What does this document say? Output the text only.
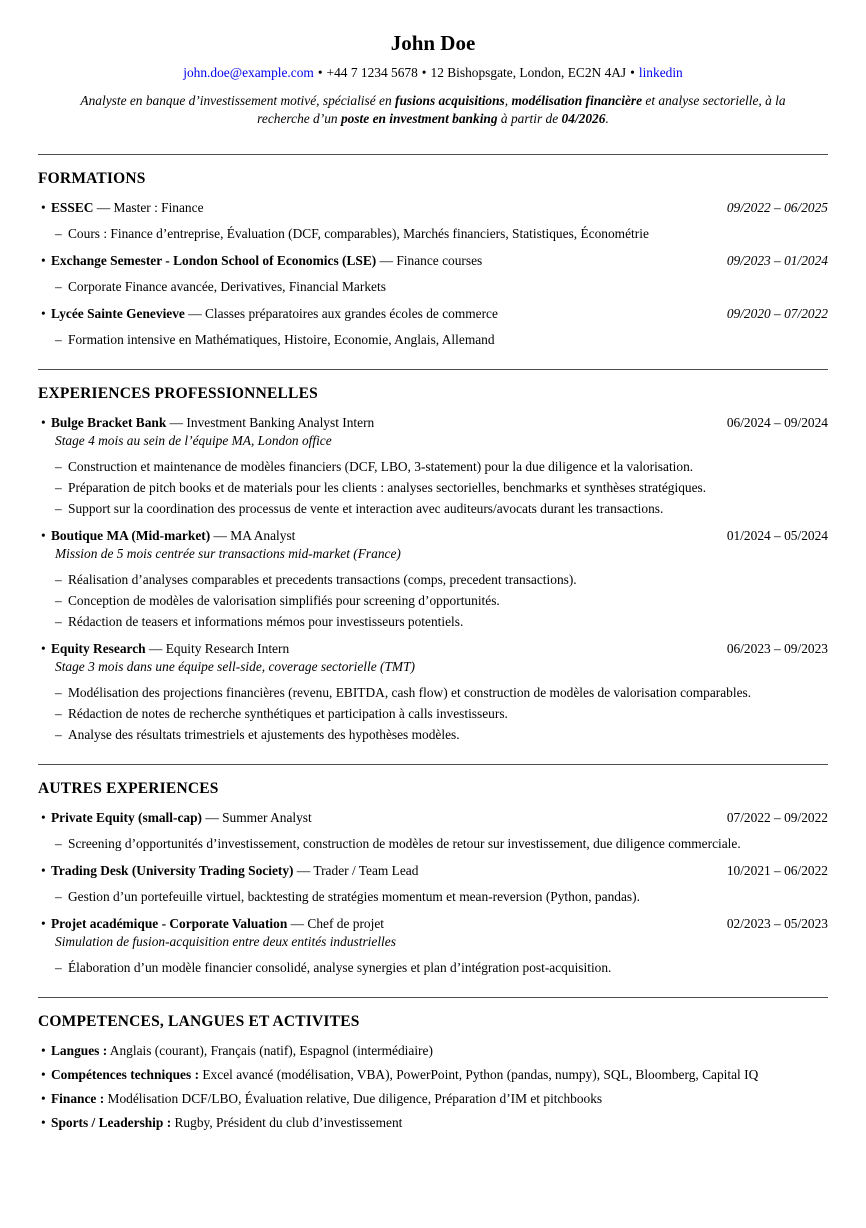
John Doe
john.doe@example.com • +44 7 1234 5678 • 12 Bishopsgate, London, EC2N 4AJ • linkedin
Analyste en banque d’investissement motivé, spécialisé en fusions acquisitions, modélisation financière et analyse sectorielle, à la
recherche d’un poste en investment banking à partir de 04/2026.
FORMATIONS
• ESSEC — Master : Finance	09/2022 – 06/2025
– Cours : Finance d’entreprise, Évaluation (DCF, comparables), Marchés financiers, Statistiques, Économétrie
• Exchange Semester - London School of Economics (LSE) — Finance courses	09/2023 – 01/2024
– Corporate Finance avancée, Derivatives, Financial Markets
• Lycée Sainte Genevieve — Classes préparatoires aux grandes écoles de commerce	09/2020 – 07/2022
– Formation intensive en Mathématiques, Histoire, Economie, Anglais, Allemand
EXPERIENCES PROFESSIONNELLES
• Bulge Bracket Bank — Investment Banking Analyst Intern	06/2024 – 09/2024
Stage 4 mois au sein de l’équipe MA, London office
– Construction et maintenance de modèles financiers (DCF, LBO, 3-statement) pour la due diligence et la valorisation.
– Préparation de pitch books et de materials pour les clients : analyses sectorielles, benchmarks et synthèses stratégiques.
– Support sur la coordination des processus de vente et interaction avec auditeurs/avocats durant les transactions.
• Boutique MA (Mid-market) — MA Analyst	01/2024 – 05/2024
Mission de 5 mois centrée sur transactions mid-market (France)
– Réalisation d’analyses comparables et precedents transactions (comps, precedent transactions).
– Conception de modèles de valorisation simplifiés pour screening d’opportunités.
– Rédaction de teasers et informations mémos pour investisseurs potentiels.
• Equity Research — Equity Research Intern	06/2023 – 09/2023
Stage 3 mois dans une équipe sell-side, coverage sectorielle (TMT)
– Modélisation des projections financières (revenu, EBITDA, cash flow) et construction de modèles de valorisation comparables.
– Rédaction de notes de recherche synthétiques et participation à calls investisseurs.
– Analyse des résultats trimestriels et ajustements des hypothèses modèles.
AUTRES EXPERIENCES
• Private Equity (small-cap) — Summer Analyst	07/2022 – 09/2022
– Screening d’opportunités d’investissement, construction de modèles de retour sur investissement, due diligence commerciale.
• Trading Desk (University Trading Society) — Trader / Team Lead	10/2021 – 06/2022
– Gestion d’un portefeuille virtuel, backtesting de stratégies momentum et mean-reversion (Python, pandas).
• Projet académique - Corporate Valuation — Chef de projet	02/2023 – 05/2023
Simulation de fusion-acquisition entre deux entités industrielles
– Élaboration d’un modèle financier consolidé, analyse synergies et plan d’intégration post-acquisition.
COMPETENCES, LANGUES ET ACTIVITES
• Langues : Anglais (courant), Français (natif), Espagnol (intermédiaire)
• Compétences techniques : Excel avancé (modélisation, VBA), PowerPoint, Python (pandas, numpy), SQL, Bloomberg, Capital IQ
• Finance : Modélisation DCF/LBO, Évaluation relative, Due diligence, Préparation d’IM et pitchbooks
• Sports / Leadership : Rugby, Président du club d’investissement
